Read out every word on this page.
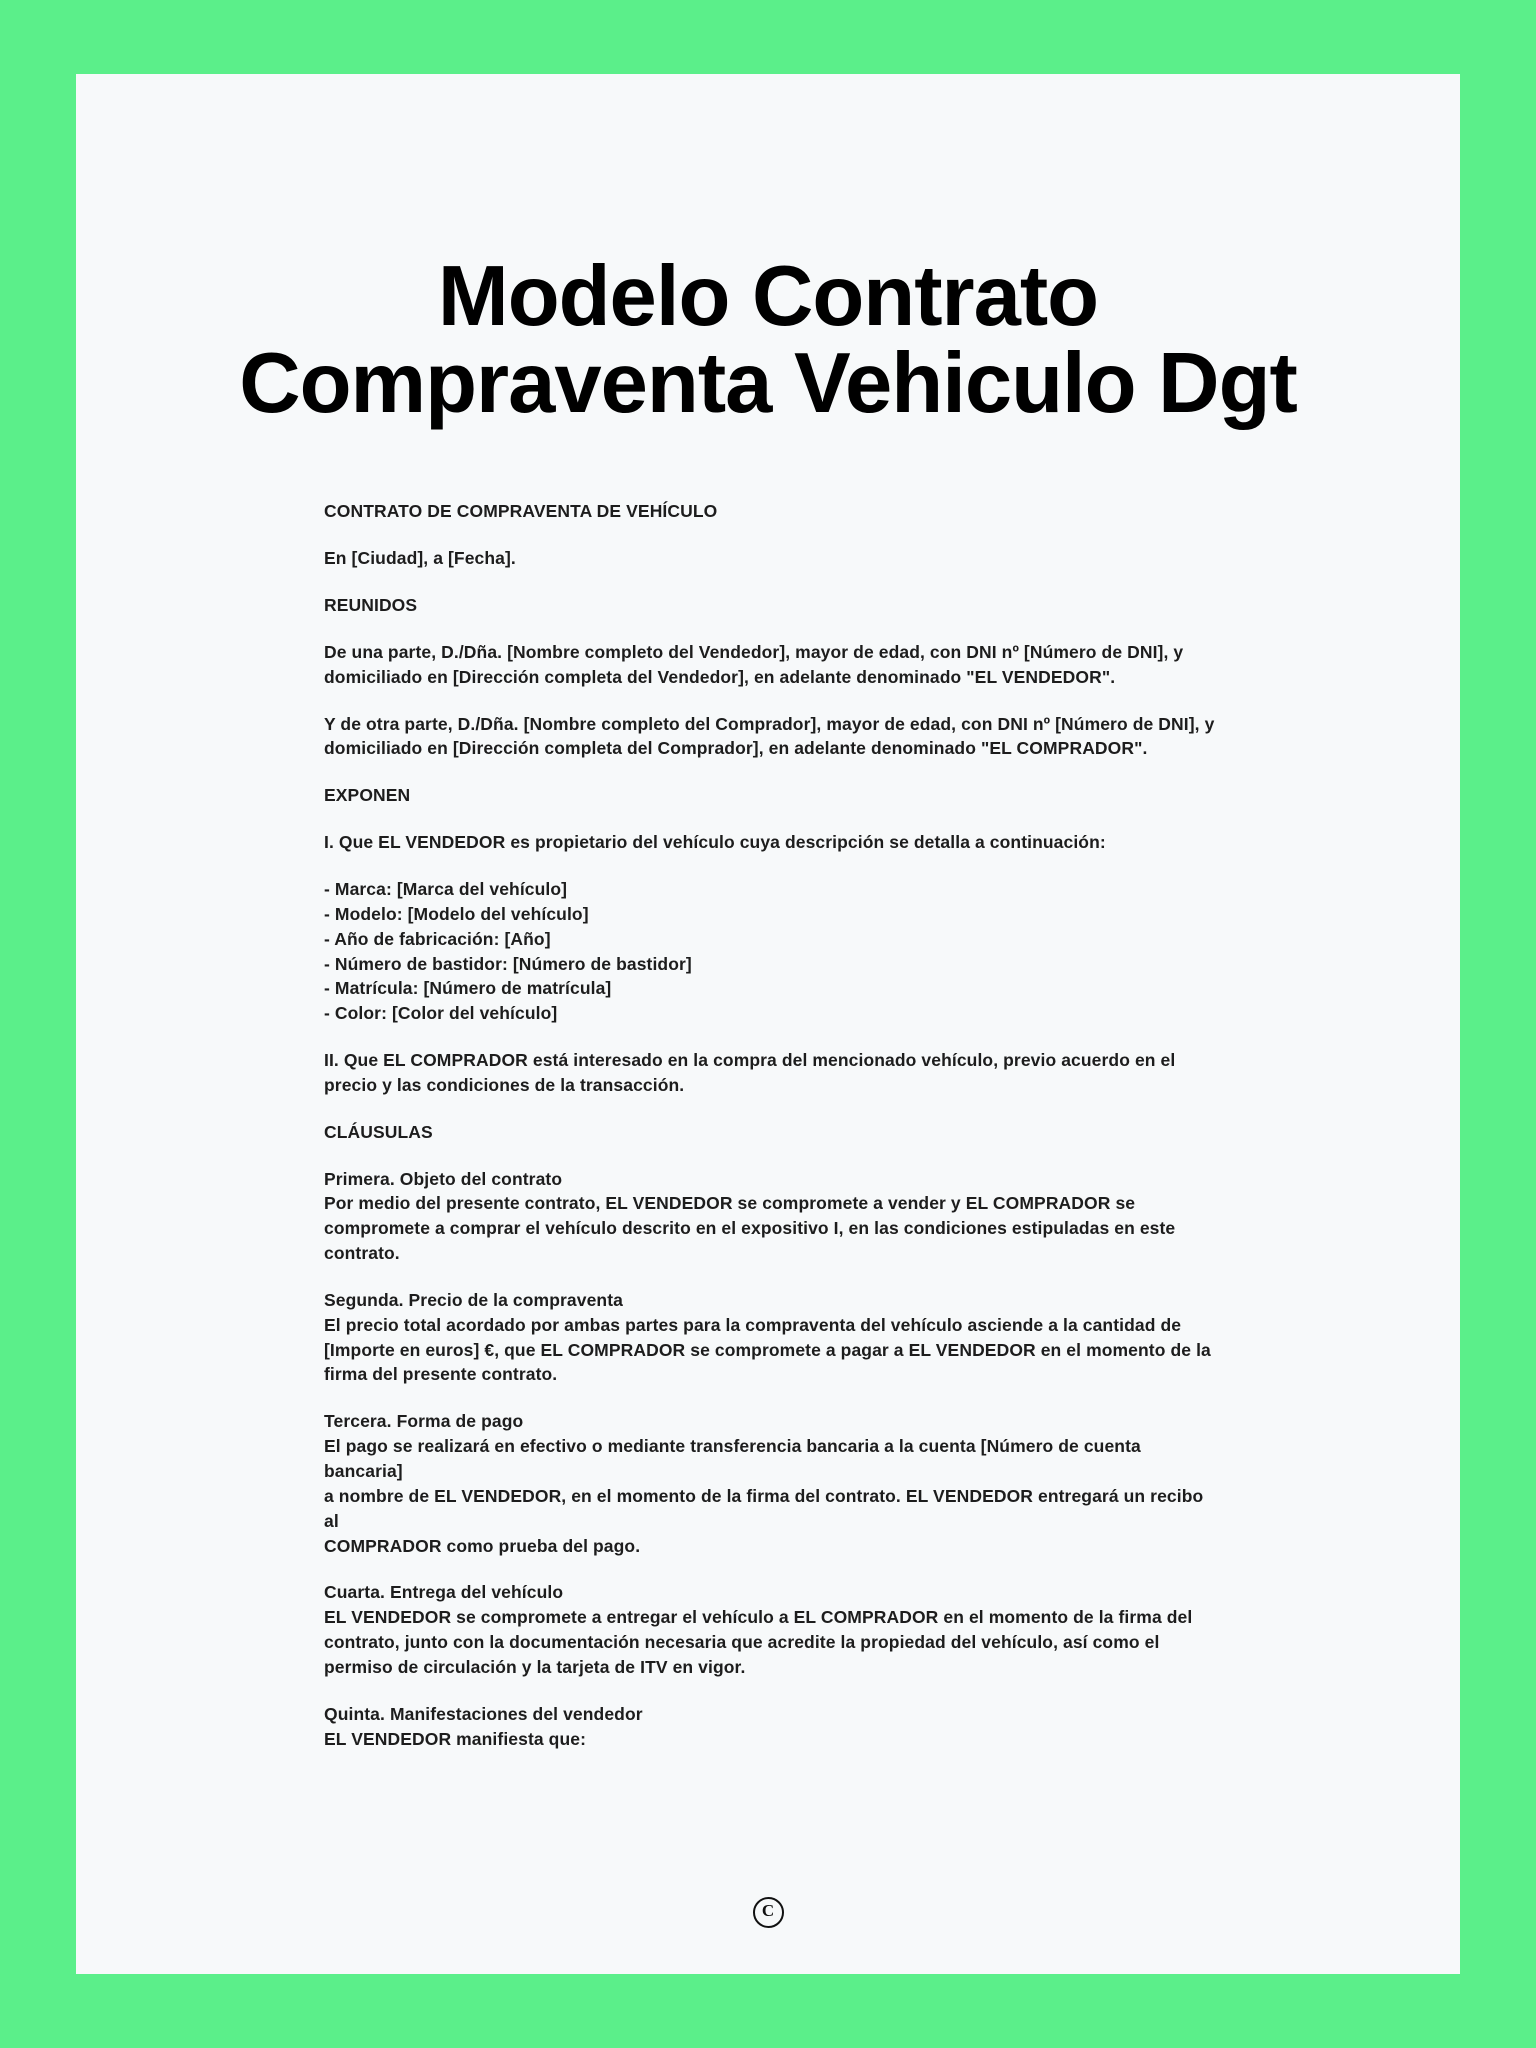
Modelo Contrato
Compraventa Vehiculo Dgt

CONTRATO DE COMPRAVENTA DE VEHÍCULO

En [Ciudad], a [Fecha].

REUNIDOS

De una parte, D./Dña. [Nombre completo del Vendedor], mayor de edad, con DNI nº [Número de DNI], y
domiciliado en [Dirección completa del Vendedor], en adelante denominado "EL VENDEDOR".

Y de otra parte, D./Dña. [Nombre completo del Comprador], mayor de edad, con DNI nº [Número de DNI], y
domiciliado en [Dirección completa del Comprador], en adelante denominado "EL COMPRADOR".

EXPONEN

I. Que EL VENDEDOR es propietario del vehículo cuya descripción se detalla a continuación:

- Marca: [Marca del vehículo]
- Modelo: [Modelo del vehículo]
- Año de fabricación: [Año]
- Número de bastidor: [Número de bastidor]
- Matrícula: [Número de matrícula]
- Color: [Color del vehículo]

II. Que EL COMPRADOR está interesado en la compra del mencionado vehículo, previo acuerdo en el
precio y las condiciones de la transacción.

CLÁUSULAS

Primera. Objeto del contrato
Por medio del presente contrato, EL VENDEDOR se compromete a vender y EL COMPRADOR se
compromete a comprar el vehículo descrito en el expositivo I, en las condiciones estipuladas en este
contrato.

Segunda. Precio de la compraventa
El precio total acordado por ambas partes para la compraventa del vehículo asciende a la cantidad de
[Importe en euros] €, que EL COMPRADOR se compromete a pagar a EL VENDEDOR en el momento de la
firma del presente contrato.

Tercera. Forma de pago
El pago se realizará en efectivo o mediante transferencia bancaria a la cuenta [Número de cuenta bancaria]
a nombre de EL VENDEDOR, en el momento de la firma del contrato. EL VENDEDOR entregará un recibo al
COMPRADOR como prueba del pago.

Cuarta. Entrega del vehículo
EL VENDEDOR se compromete a entregar el vehículo a EL COMPRADOR en el momento de la firma del
contrato, junto con la documentación necesaria que acredite la propiedad del vehículo, así como el
permiso de circulación y la tarjeta de ITV en vigor.

Quinta. Manifestaciones del vendedor
EL VENDEDOR manifiesta que:

C
